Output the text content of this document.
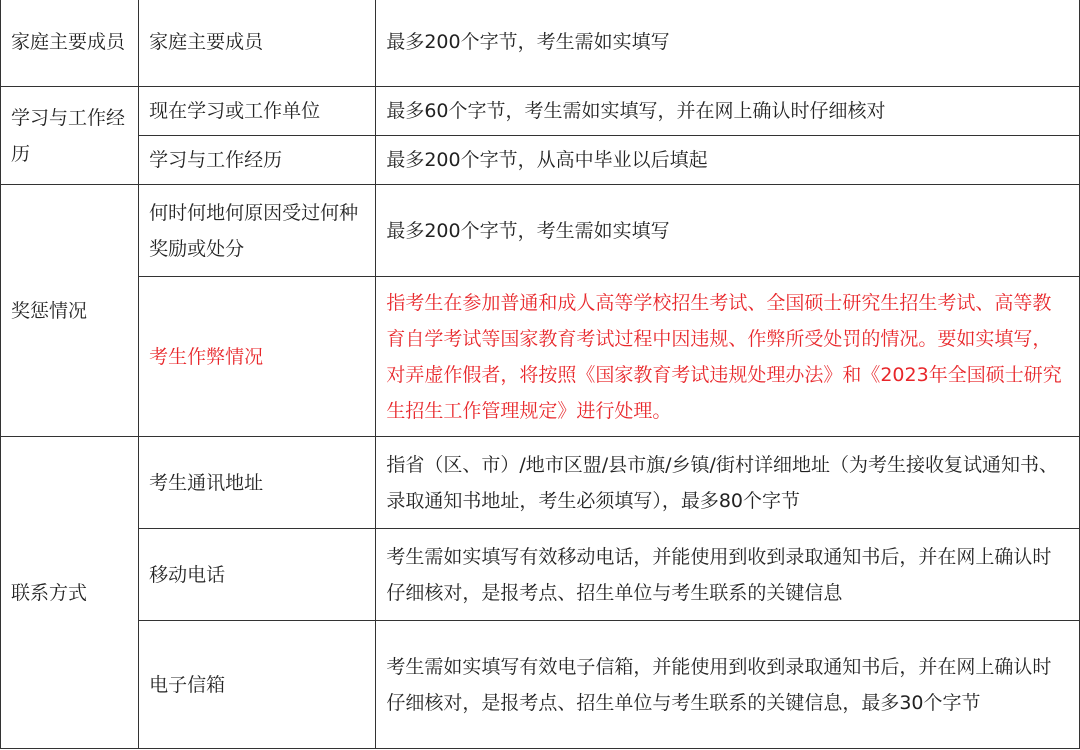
家庭主要成员	家庭主要成员	最多200个字节，考生需如实填写

学习与工作经历	现在学习或工作单位	最多60个字节，考生需如实填写，并在网上确认时仔细核对

	学习与工作经历	最多200个字节，从高中毕业以后填起

奖惩情况	何时何地何原因受过何种奖励或处分	最多200个字节，考生需如实填写

	考生作弊情况	指考生在参加普通和成人高等学校招生考试、全国硕士研究生招生考试、高等教育自学考试等国家教育考试过程中因违规、作弊所受处罚的情况。要如实填写，对弄虚作假者，将按照《国家教育考试违规处理办法》和《2023年全国硕士研究生招生工作管理规定》进行处理。

联系方式	考生通讯地址	指省（区、市）/地市区盟/县市旗/乡镇/街村详细地址（为考生接收复试通知书、录取通知书地址，考生必须填写），最多80个字节

	移动电话	考生需如实填写有效移动电话，并能使用到收到录取通知书后，并在网上确认时仔细核对，是报考点、招生单位与考生联系的关键信息

	电子信箱	考生需如实填写有效电子信箱，并能使用到收到录取通知书后，并在网上确认时仔细核对，是报考点、招生单位与考生联系的关键信息，最多30个字节
